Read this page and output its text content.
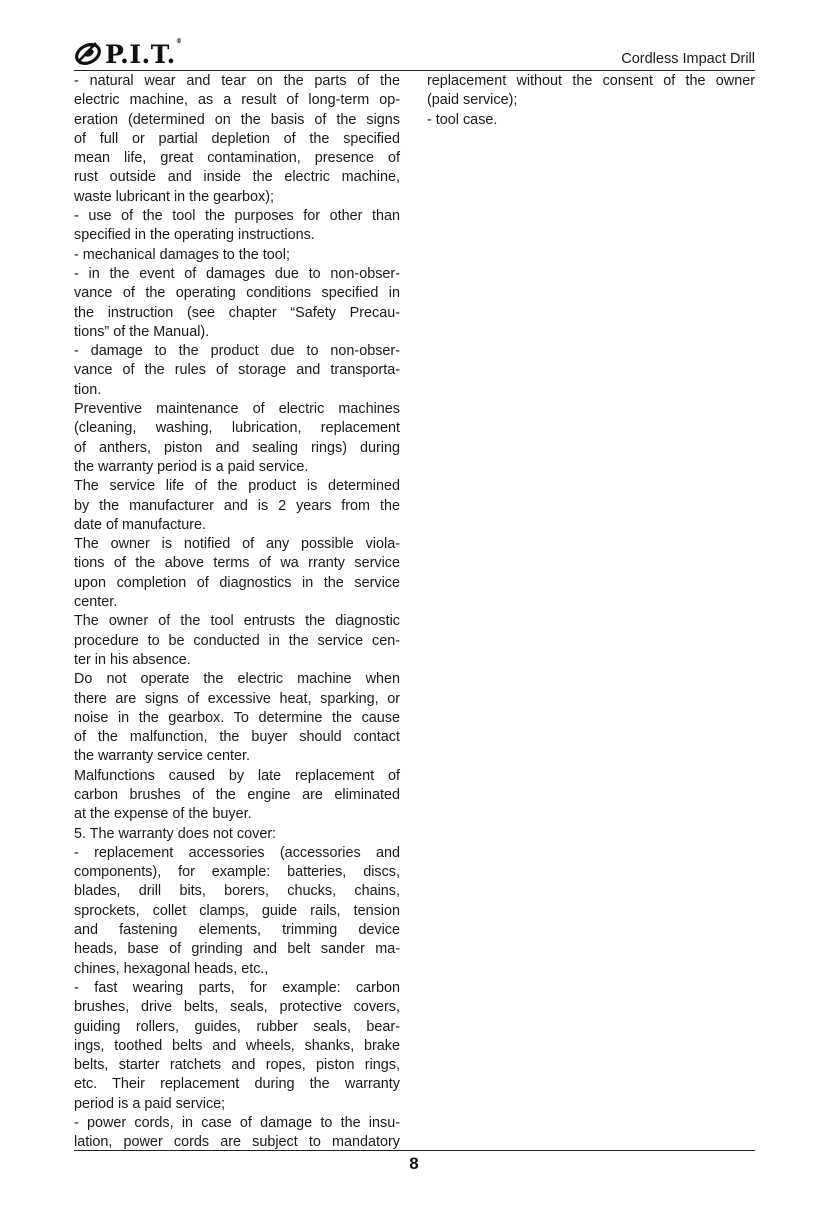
P.I.T.®
Cordless Impact Drill
- natural wear and tear on the parts of the
electric machine, as a result of long-term op-
eration (determined on the basis of the signs
of full or partial depletion of the specified
mean life, great contamination, presence of
rust outside and inside the electric machine,
waste lubricant in the gearbox);
- use of the tool the purposes for other than
specified in the operating instructions.
- mechanical damages to the tool;
- in the event of damages due to non-obser-
vance of the operating conditions specified in
the instruction (see chapter “Safety Precau-
tions” of the Manual).
- damage to the product due to non-obser-
vance of the rules of storage and transporta-
tion.
Preventive maintenance of electric machines
(cleaning, washing, lubrication, replacement
of anthers, piston and sealing rings) during
the warranty period is a paid service.
The service life of the product is determined
by the manufacturer and is 2 years from the
date of manufacture.
The owner is notified of any possible viola-
tions of the above terms of wa rranty service
upon completion of diagnostics in the service
center.
The owner of the tool entrusts the diagnostic
procedure to be conducted in the service cen-
ter in his absence.
Do not operate the electric machine when
there are signs of excessive heat, sparking, or
noise in the gearbox. To determine the cause
of the malfunction, the buyer should contact
the warranty service center.
Malfunctions caused by late replacement of
carbon brushes of the engine are eliminated
at the expense of the buyer.
5. The warranty does not cover:
- replacement accessories (accessories and
components), for example: batteries, discs,
blades, drill bits, borers, chucks, chains,
sprockets, collet clamps, guide rails, tension
and fastening elements, trimming device
heads, base of grinding and belt sander ma-
chines, hexagonal heads, etc.,
- fast wearing parts, for example: carbon
brushes, drive belts, seals, protective covers,
guiding rollers, guides, rubber seals, bear-
ings, toothed belts and wheels, shanks, brake
belts, starter ratchets and ropes, piston rings,
etc. Their replacement during the warranty
period is a paid service;
- power cords, in case of damage to the insu-
lation, power cords are subject to mandatory
replacement without the consent of the owner
(paid service);
- tool case.
8
